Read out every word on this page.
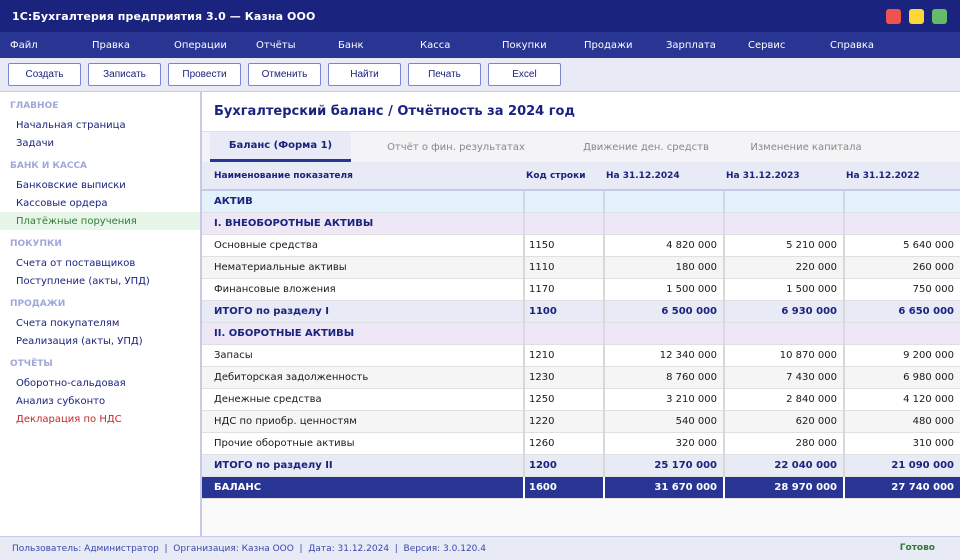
1С:Бухгалтерия предприятия 3.0 — Казна ООО
Файл	Правка	Операции	Отчёты	Банк	Касса	Покупки	Продажи	Зарплата	Сервис	Справка
Создать	Записать	Провести	Отменить	Найти	Печать	Excel
ГЛАВНОЕ
Начальная страница
Задачи
БАНК И КАССА
Банковские выписки
Кассовые ордера
Платёжные поручения
ПОКУПКИ
Счета от поставщиков
Поступление (акты, УПД)
ПРОДАЖИ
Счета покупателям
Реализация (акты, УПД)
ОТЧЁТЫ
Оборотно-сальдовая
Анализ субконто
Декларация по НДС
Бухгалтерский баланс / Отчётность за 2024 год
Баланс (Форма 1)	Отчёт о фин. результатах	Движение ден. средств	Изменение капитала
Наименование показателя	Код строки	На 31.12.2024	На 31.12.2023	На 31.12.2022
АКТИВ				
I. ВНЕОБОРОТНЫЕ АКТИВЫ				
Основные средства	1150	4 820 000	5 210 000	5 640 000
Нематериальные активы	1110	180 000	220 000	260 000
Финансовые вложения	1170	1 500 000	1 500 000	750 000
ИТОГО по разделу I	1100	6 500 000	6 930 000	6 650 000
II. ОБОРОТНЫЕ АКТИВЫ				
Запасы	1210	12 340 000	10 870 000	9 200 000
Дебиторская задолженность	1230	8 760 000	7 430 000	6 980 000
Денежные средства	1250	3 210 000	2 840 000	4 120 000
НДС по приобр. ценностям	1220	540 000	620 000	480 000
Прочие оборотные активы	1260	320 000	280 000	310 000
ИТОГО по разделу II	1200	25 170 000	22 040 000	21 090 000
БАЛАНС	1600	31 670 000	28 970 000	27 740 000
Пользователь: Администратор  |  Организация: Казна ООО  |  Дата: 31.12.2024  |  Версия: 3.0.120.4	Готово
